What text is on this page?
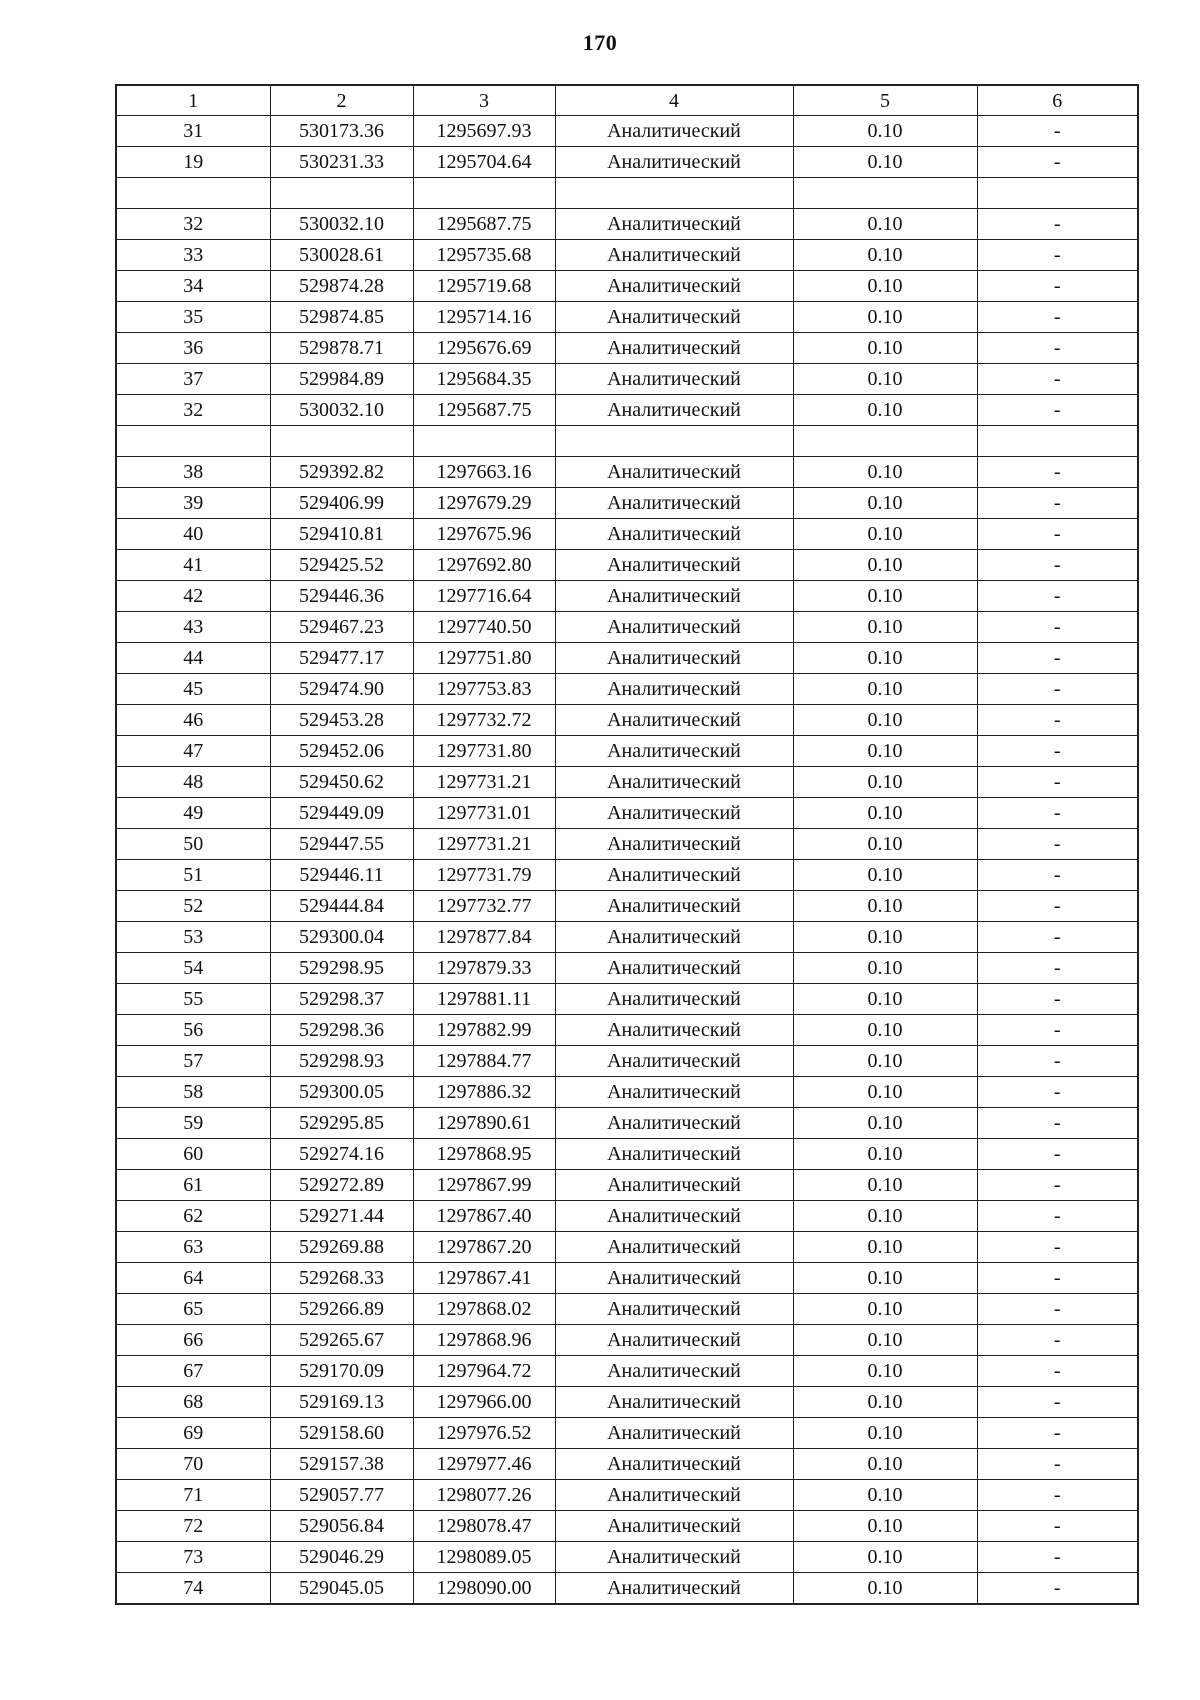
170
1	2	3	4	5	6
31	530173.36	1295697.93	Аналитический	0.10	-
19	530231.33	1295704.64	Аналитический	0.10	-

32	530032.10	1295687.75	Аналитический	0.10	-
33	530028.61	1295735.68	Аналитический	0.10	-
34	529874.28	1295719.68	Аналитический	0.10	-
35	529874.85	1295714.16	Аналитический	0.10	-
36	529878.71	1295676.69	Аналитический	0.10	-
37	529984.89	1295684.35	Аналитический	0.10	-
32	530032.10	1295687.75	Аналитический	0.10	-

38	529392.82	1297663.16	Аналитический	0.10	-
39	529406.99	1297679.29	Аналитический	0.10	-
40	529410.81	1297675.96	Аналитический	0.10	-
41	529425.52	1297692.80	Аналитический	0.10	-
42	529446.36	1297716.64	Аналитический	0.10	-
43	529467.23	1297740.50	Аналитический	0.10	-
44	529477.17	1297751.80	Аналитический	0.10	-
45	529474.90	1297753.83	Аналитический	0.10	-
46	529453.28	1297732.72	Аналитический	0.10	-
47	529452.06	1297731.80	Аналитический	0.10	-
48	529450.62	1297731.21	Аналитический	0.10	-
49	529449.09	1297731.01	Аналитический	0.10	-
50	529447.55	1297731.21	Аналитический	0.10	-
51	529446.11	1297731.79	Аналитический	0.10	-
52	529444.84	1297732.77	Аналитический	0.10	-
53	529300.04	1297877.84	Аналитический	0.10	-
54	529298.95	1297879.33	Аналитический	0.10	-
55	529298.37	1297881.11	Аналитический	0.10	-
56	529298.36	1297882.99	Аналитический	0.10	-
57	529298.93	1297884.77	Аналитический	0.10	-
58	529300.05	1297886.32	Аналитический	0.10	-
59	529295.85	1297890.61	Аналитический	0.10	-
60	529274.16	1297868.95	Аналитический	0.10	-
61	529272.89	1297867.99	Аналитический	0.10	-
62	529271.44	1297867.40	Аналитический	0.10	-
63	529269.88	1297867.20	Аналитический	0.10	-
64	529268.33	1297867.41	Аналитический	0.10	-
65	529266.89	1297868.02	Аналитический	0.10	-
66	529265.67	1297868.96	Аналитический	0.10	-
67	529170.09	1297964.72	Аналитический	0.10	-
68	529169.13	1297966.00	Аналитический	0.10	-
69	529158.60	1297976.52	Аналитический	0.10	-
70	529157.38	1297977.46	Аналитический	0.10	-
71	529057.77	1298077.26	Аналитический	0.10	-
72	529056.84	1298078.47	Аналитический	0.10	-
73	529046.29	1298089.05	Аналитический	0.10	-
74	529045.05	1298090.00	Аналитический	0.10	-
